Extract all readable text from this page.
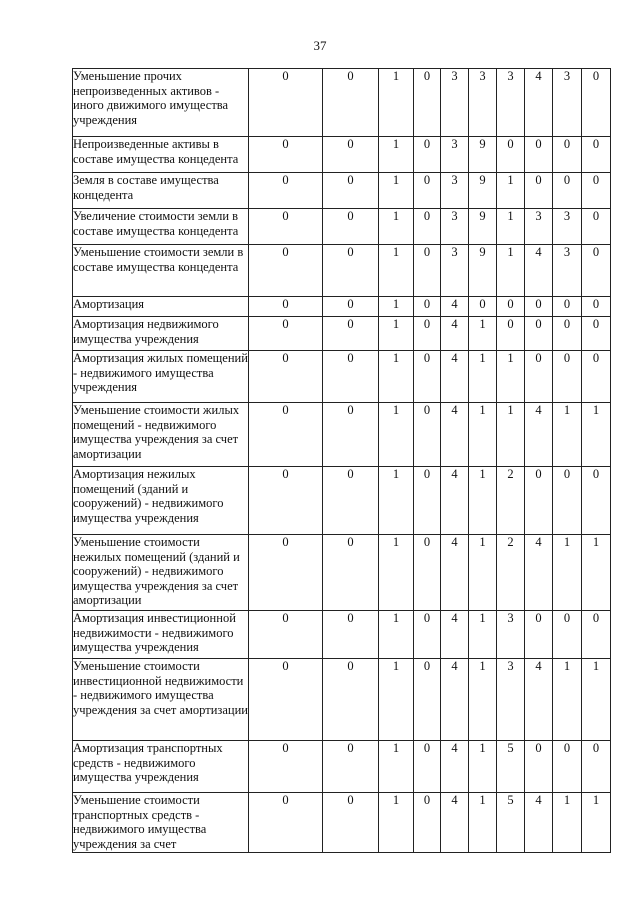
37
Уменьшение прочих непроизведенных активов - иного движимого имущества учреждения	0	0	1	0	3	3	3	4	3	0
Непроизведенные активы в составе имущества концедента	0	0	1	0	3	9	0	0	0	0
Земля в составе имущества концедента	0	0	1	0	3	9	1	0	0	0
Увеличение стоимости земли в составе имущества концедента	0	0	1	0	3	9	1	3	3	0
Уменьшение стоимости земли в составе имущества концедента	0	0	1	0	3	9	1	4	3	0
Амортизация	0	0	1	0	4	0	0	0	0	0
Амортизация недвижимого имущества учреждения	0	0	1	0	4	1	0	0	0	0
Амортизация жилых помещений - недвижимого имущества учреждения	0	0	1	0	4	1	1	0	0	0
Уменьшение стоимости жилых помещений - недвижимого имущества учреждения за счет амортизации	0	0	1	0	4	1	1	4	1	1
Амортизация нежилых помещений (зданий и сооружений) - недвижимого имущества учреждения	0	0	1	0	4	1	2	0	0	0
Уменьшение стоимости нежилых помещений (зданий и сооружений) - недвижимого имущества учреждения за счет амортизации	0	0	1	0	4	1	2	4	1	1
Амортизация инвестиционной недвижимости - недвижимого имущества учреждения	0	0	1	0	4	1	3	0	0	0
Уменьшение стоимости инвестиционной недвижимости - недвижимого имущества учреждения за счет амортизации	0	0	1	0	4	1	3	4	1	1
Амортизация транспортных средств - недвижимого имущества учреждения	0	0	1	0	4	1	5	0	0	0
Уменьшение стоимости транспортных средств - недвижимого имущества учреждения за счет	0	0	1	0	4	1	5	4	1	1
